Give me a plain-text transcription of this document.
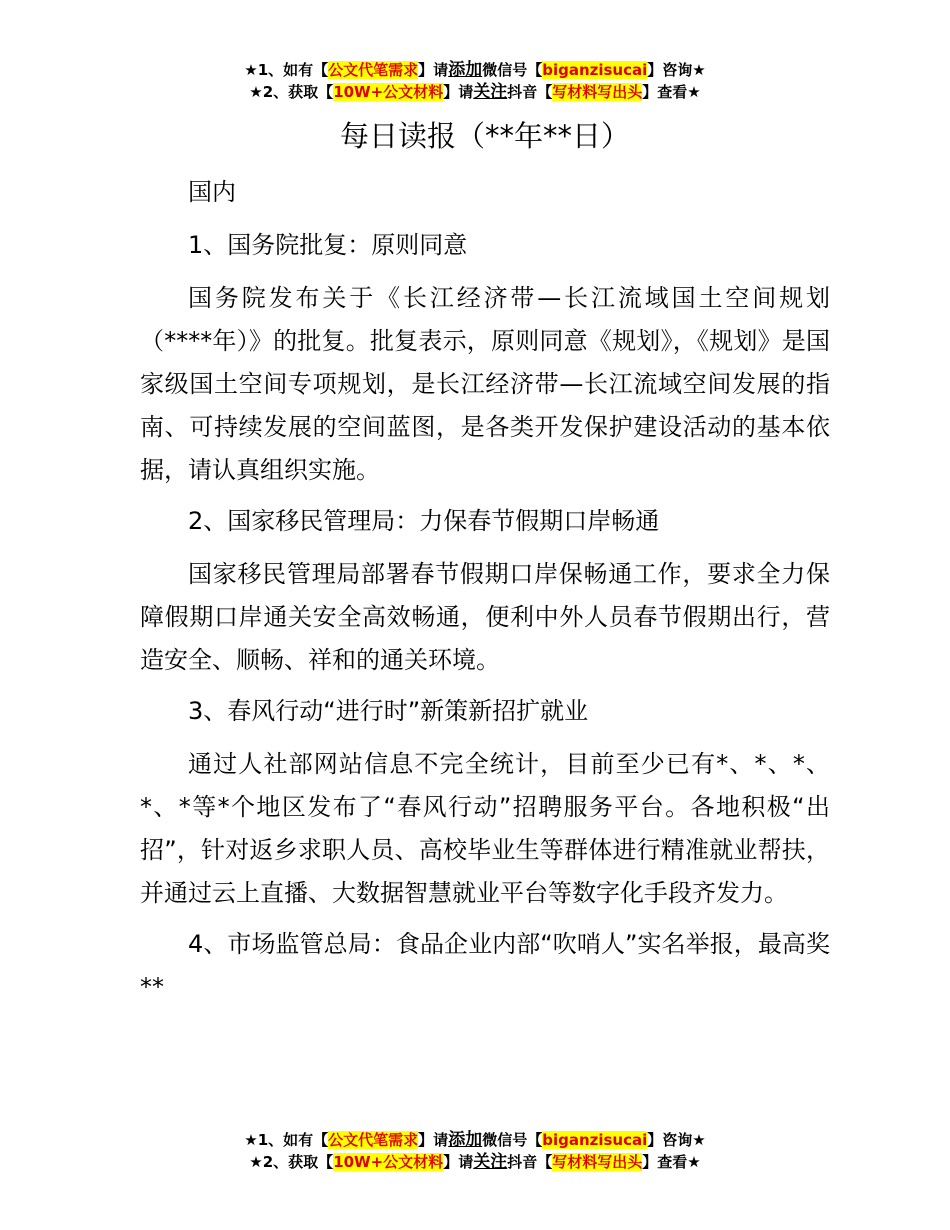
★1、如有【公文代笔需求】请添加微信号【biganzisucai】咨询★
★2、获取【10W+公文材料】请关注抖音【写材料写出头】查看★
每日读报（**年**日）

国内

1、国务院批复：原则同意

国务院发布关于《长江经济带—长江流域国土空间规划（****年）》的批复。批复表示，原则同意《规划》，《规划》是国家级国土空间专项规划，是长江经济带—长江流域空间发展的指南、可持续发展的空间蓝图，是各类开发保护建设活动的基本依据，请认真组织实施。

2、国家移民管理局：力保春节假期口岸畅通

国家移民管理局部署春节假期口岸保畅通工作，要求全力保障假期口岸通关安全高效畅通，便利中外人员春节假期出行，营造安全、顺畅、祥和的通关环境。

3、春风行动“进行时”新策新招扩就业

通过人社部网站信息不完全统计，目前至少已有*、*、*、*、*等*个地区发布了“春风行动”招聘服务平台。各地积极“出招”，针对返乡求职人员、高校毕业生等群体进行精准就业帮扶，并通过云上直播、大数据智慧就业平台等数字化手段齐发力。

4、市场监管总局：食品企业内部“吹哨人”实名举报，最高奖**

★1、如有【公文代笔需求】请添加微信号【biganzisucai】咨询★
★2、获取【10W+公文材料】请关注抖音【写材料写出头】查看★
